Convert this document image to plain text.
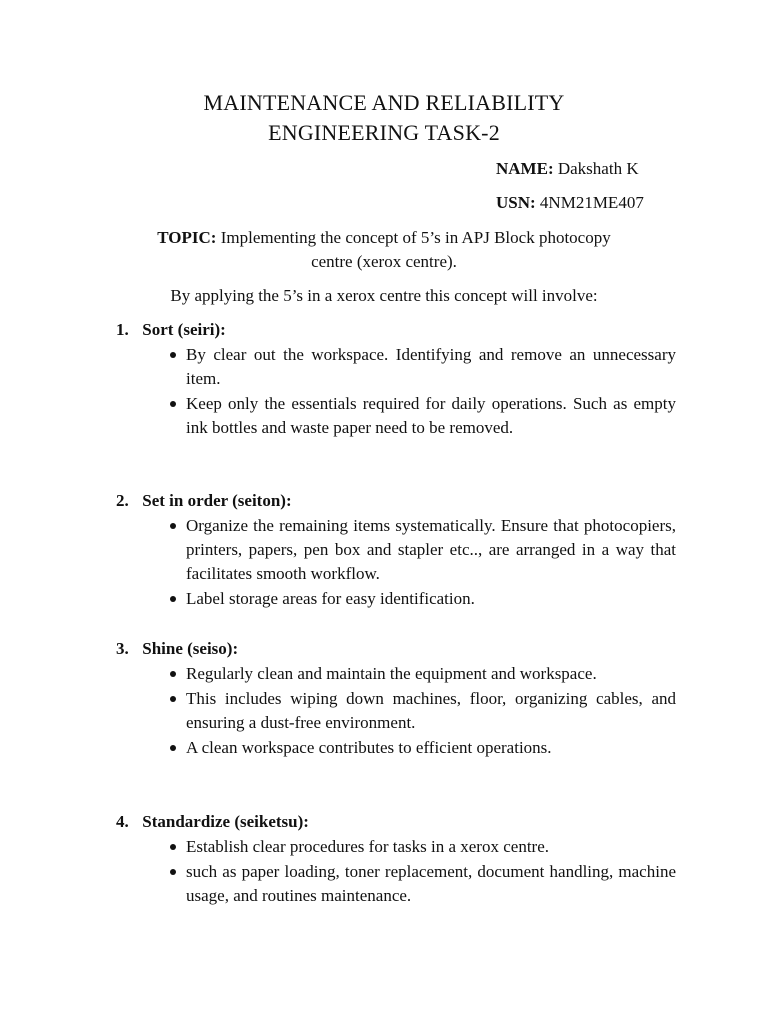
MAINTENANCE AND RELIABILITY
ENGINEERING TASK-2
NAME: Dakshath K
USN: 4NM21ME407
TOPIC: Implementing the concept of 5’s in APJ Block photocopy
centre (xerox centre).
By applying the 5’s in a xerox centre this concept will involve:
1. Sort (seiri):
By clear out the workspace. Identifying and remove an unnecessary item.
Keep only the essentials required for daily operations. Such as empty ink bottles and waste paper need to be removed.
2. Set in order (seiton):
Organize the remaining items systematically. Ensure that photocopiers, printers, papers, pen box and stapler etc.., are arranged in a way that facilitates smooth workflow.
Label storage areas for easy identification.
3. Shine (seiso):
Regularly clean and maintain the equipment and workspace.
This includes wiping down machines, floor, organizing cables, and ensuring a dust-free environment.
A clean workspace contributes to efficient operations.
4. Standardize (seiketsu):
Establish clear procedures for tasks in a xerox centre.
such as paper loading, toner replacement, document handling, machine usage, and routines maintenance.
